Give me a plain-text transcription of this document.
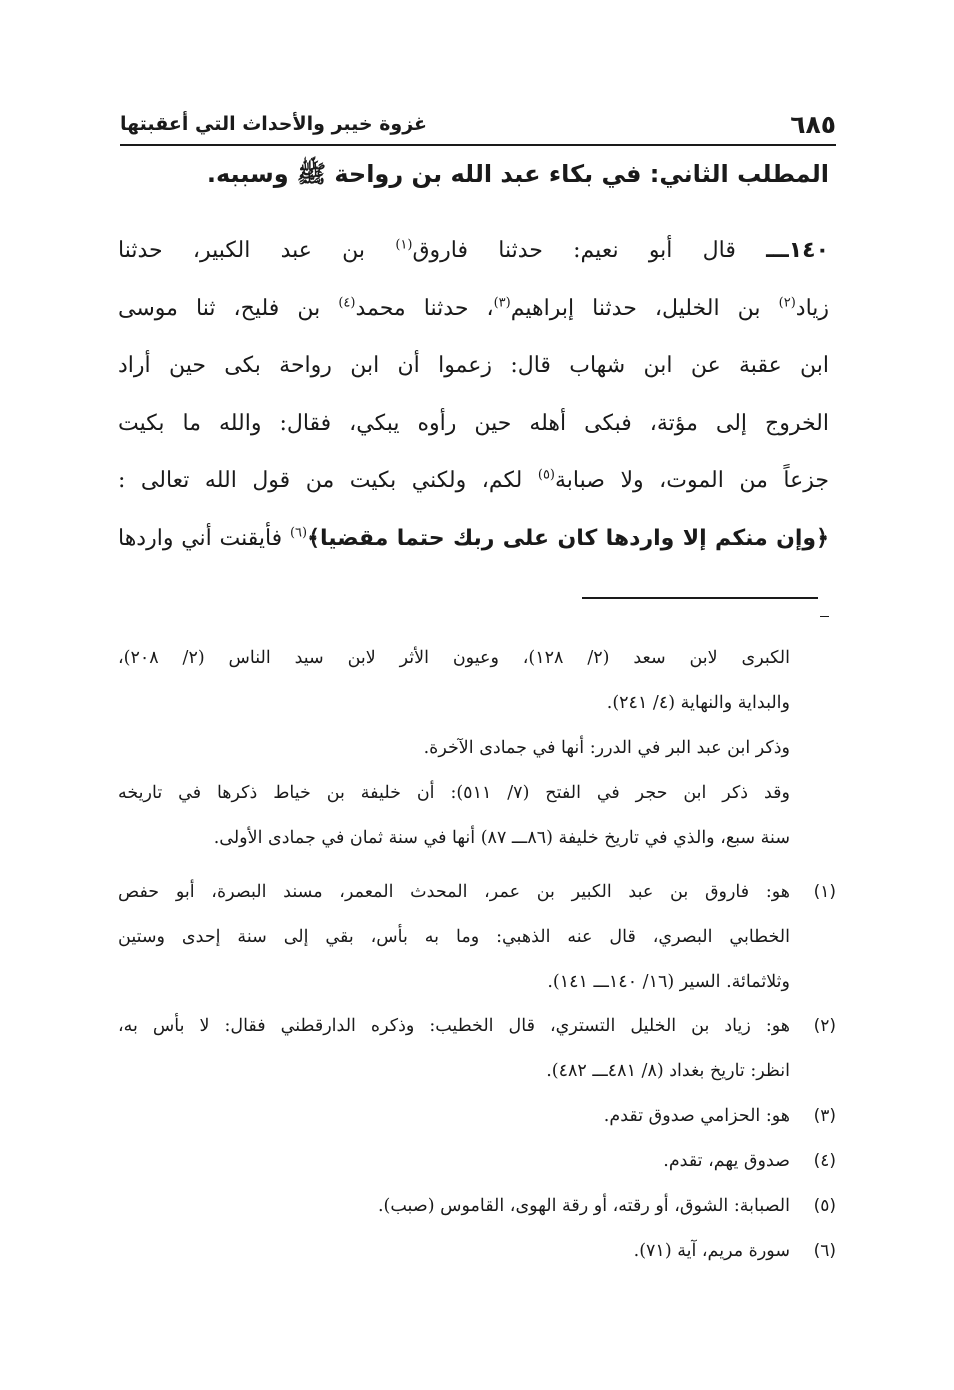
٦٨٥
غزوة خيبر والأحداث التي أعقبتها
المطلب الثاني: في بكاء عبد الله بن رواحة ﷺ وسببه.
١٤٠ـــ قال أبو نعيم: حدثنا فاروق$^{(١)}$ بن عبد الكبير، حدثنا
زياد$^{(٢)}$ بن الخليل، حدثنا إبراهيم$^{(٣)}$، حدثنا محمد$^{(٤)}$ بن فليح، ثنا موسى
ابن عقبة عن ابن شهاب قال: زعموا أن ابن رواحة بكى حين أراد
الخروج إلى مؤتة، فبكى أهله حين رأوه يبكي، فقال: والله ما بكيت
جزعاً من الموت، ولا صبابة$^{(٥)}$ لكم، ولكني بكيت من قول الله تعالى :
﴿وإن منكم إلا واردها كان على ربك حتما مقضيا﴾$^{(٦)}$ فأيقنت أني واردها
الكبرى لابن سعد (٢/ ١٢٨)، وعيون الأثر لابن سيد الناس (٢/ ٢٠٨)،
والبداية والنهاية (٤/ ٢٤١).
وذكر ابن عبد البر في الدرر: أنها في جمادى الآخرة.
وقد ذكر ابن حجر في الفتح (٧/ ٥١١): أن خليفة بن خياط ذكرها في تاريخه
سنة سبع، والذي في تاريخ خليفة (٨٦ـــ ٨٧) أنها في سنة ثمان في جمادى الأولى.
(١)
هو: فاروق بن عبد الكبير بن عمر، المحدث المعمر، مسند البصرة، أبو حفص
الخطابي البصري، قال عنه الذهبي: وما به بأس، بقي إلى سنة إحدى وستين
وثلاثمائة. السير (١٦/ ١٤٠ـــ ١٤١).
(٢)
هو: زياد بن الخليل التستري، قال الخطيب: وذكره الدارقطني فقال: لا بأس به،
انظر: تاريخ بغداد (٨/ ٤٨١ـــ ٤٨٢).
(٣)
هو: الحزامي صدوق تقدم.
(٤)
صدوق يهم، تقدم.
(٥)
الصبابة: الشوق، أو رقته، أو رقة الهوى، القاموس (صبب).
(٦)
سورة مريم، آية (٧١).
